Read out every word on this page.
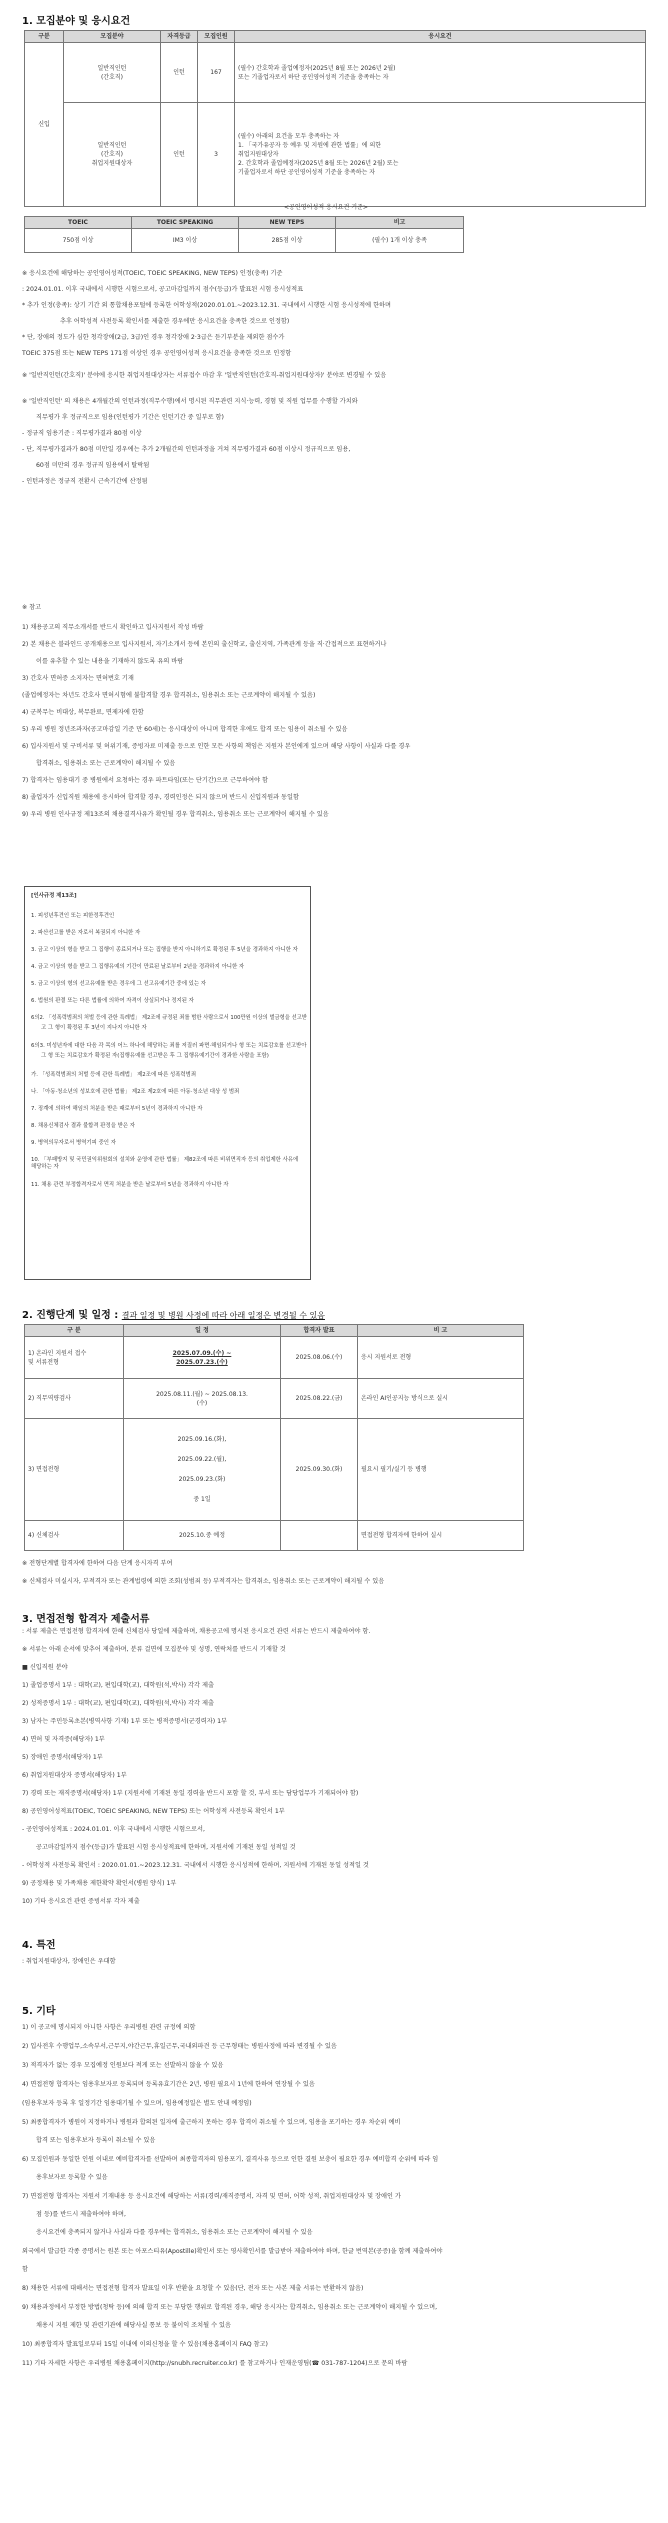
1. 모집분야 및 응시요건
구분	모집분야	자격등급	모집인원	응시요건
신입	일반직인턴
(간호직)	인턴	167	(필수) 간호학과 졸업예정자(2025년 8월 또는 2026년 2월)
또는 기졸업자로서 하단 공인영어성적 기준을 충족하는 자

	일반직인턴
(간호직)
취업지원대상자	인턴	3	(필수) 아래의 요건을 모두 충족하는 자
1. 「국가유공자 등 예우 및 지원에 관한 법률」에 의한
취업지원대상자
2. 간호학과 졸업예정자(2025년 8월 또는 2026년 2월) 또는
기졸업자로서 하단 공인영어성적 기준을 충족하는 자
<공인영어성적 응시요건 기준>
TOEIC	TOEIC SPEAKING	NEW TEPS	비고
750점 이상	IM3 이상	285점 이상	(필수) 1개 이상 충족
※ 응시요건에 해당하는 공인영어성적(TOEIC, TOEIC SPEAKING, NEW TEPS) 인정(충족) 기준
: 2024.01.01. 이후 국내에서 시행한 시험으로서, 공고마감일까지 점수(등급)가 발표된 시험 응시성적표
* 추가 인정(충족): 상기 기간 외 통합채용포털에 등록한 어학성적(2020.01.01.~2023.12.31. 국내에서 시행한 시험 응시성적에 한하며
추후 어학성적 사전등록 확인서를 제출한 경우에만 응시요건을 충족한 것으로 인정함)
* 단, 장애의 정도가 심한 청각장애(2급, 3급)인 경우 청각장애 2·3급은 듣기부분을 제외한 점수가
TOEIC 375점 또는 NEW TEPS 171점 이상인 경우 공인영어성적 응시요건을 충족한 것으로 인정함
※ '일반직인턴(간호직)' 분야에 응시한 취업지원대상자는 서류접수 마감 후 '일반직인턴(간호직-취업지원대상자)' 분야로 변경될 수 있음
※ '일반직인턴' 의 채용은 4개월간의 인턴과정(직무수행)에서 명시된 직무관련 지식·능력, 경험 및 직원 업무를 수행할 가치와
직무평가 후 정규직으로 임용(인턴평가 기간은 인턴기간 중 일부로 함)
- 정규직 임용기준 : 직무평가결과 80점 이상
- 단, 직무평가결과가 80점 미만일 경우에는 추가 2개월간의 인턴과정을 거쳐 직무평가결과 60점 이상시 정규직으로 임용,
60점 미만의 경우 정규직 임용에서 탈락됨
- 인턴과정은 정규직 전환시 근속기간에 산정됨
※ 참고
1) 채용공고의 직무소개서를 반드시 확인하고 입사지원서 작성 바람
2) 본 채용은 블라인드 공개채용으로 입사지원서, 자기소개서 등에 본인의 출신학교, 출신지역, 가족관계 등을 직·간접적으로 표현하거나
이를 유추할 수 있는 내용을 기재하지 않도록 유의 바람
3) 간호사 면허증 소지자는 면허번호 기재
(졸업예정자는 차년도 간호사 면허시험에 불합격할 경우 합격취소, 임용취소 또는 근로계약이 해지될 수 있음)
4) 군복무는 비대상, 복무완료, 면제자에 한함
5) 우리 병원 정년조과자(공고마감일 기준 만 60세)는 응시대상이 아니며 합격한 후에도 합격 또는 임용이 취소될 수 있음
6) 입사지원서 및 구비서류 및 허위기재, 증빙자료 미제출 등으로 인한 모든 사항의 책임은 지원자 본인에게 있으며 해당 사항이 사실과 다를 경우
합격취소, 임용취소 또는 근로계약이 해지될 수 있음
7) 합격자는 임용대기 중 병원에서 요청하는 경우 파트타임(또는 단기간)으로 근무하여야 함
8) 졸업자가 신입직원 채용에 응시하여 합격할 경우, 경력인정은 되지 않으며 반드시 신입직원과 동일함
9) 우리 병원 인사규정 제13조의 채용결격사유가 확인될 경우 합격취소, 임용취소 또는 근로계약이 해지될 수 있음
[인사규정 제13조]
1. 피성년후견인 또는 피한정후견인
2. 파산선고를 받은 자로서 복권되지 아니한 자
3. 금고 이상의 형을 받고 그 집행이 종료되거나 또는 집행을 받지 아니하기로 확정된 후 5년을 경과하지 아니한 자
4. 금고 이상의 형을 받고 그 집행유예의 기간이 만료된 날로부터 2년을 경과하지 아니한 자
5. 금고 이상의 형의 선고유예를 받은 경우에 그 선고유예기간 중에 있는 자
6. 법원의 판결 또는 다른 법률에 의하여 자격이 상실되거나 정지된 자
6의2. 「성폭력범죄의 처벌 등에 관한 특례법」 제2조에 규정된 죄를 범한 사람으로서 100만원 이상의 벌금형을 선고받
고 그 형이 확정된 후 3년이 지나지 아니한 자
6의3. 미성년자에 대한 다음 각 목의 어느 하나에 해당하는 죄를 저질러 파면·해임되거나 형 또는 치료감호를 선고받아
그 형 또는 치료감호가 확정된 자(집행유예를 선고받은 후 그 집행유예기간이 경과한 사람을 포함)
가. 「성폭력범죄의 처벌 등에 관한 특례법」 제2조에 따른 성폭력범죄
나. 「아동·청소년의 성보호에 관한 법률」 제2조 제2호에 따른 아동·청소년 대상 성 범죄
7. 징계에 의하여 해임의 처분을 받은 때로부터 5년이 경과하지 아니한 자
8. 채용신체검사 결과 불합격 판정을 받은 자
9. 병역의무자로서 병역기피 중인 자
10. 「부패방지 및 국민권익위원회의 설치와 운영에 관한 법률」 제82조에 따른 비위면직자 등의 취업제한 사유에 해당하는 자
11. 채용 관련 부정합격자로서 면직 처분을 받은 날로부터 5년을 경과하지 아니한 자
2. 진행단계 및 일정 : 결과 일정 및 병원 사정에 따라 아래 일정은 변경될 수 있음
구 분	일 정	합격자 발표	비 고

1) 온라인 지원서 접수
및 서류전형	2025.07.09.(수) ~
2025.07.23.(수)	2025.08.06.(수)	응시 지원서로 전형

2) 직무역량검사	2025.08.11.(월) ~ 2025.08.13.
(수)	2025.08.22.(금)	온라인 AI인공지능 방식으로 실시

3) 면접전형	2025.09.16.(화),
2025.09.22.(월),
2025.09.23.(화)
중 1일	2025.09.30.(화)	필요시 필기/실기 등 병행

4) 신체검사	2025.10.중 예정		면접전형 합격자에 한하여 실시
※ 전형단계별 합격자에 한하여 다음 단계 응시자격 부여
※ 신체검사 미실시자, 부적격자 또는 관계법령에 의한 조회(성범죄 등) 부적격자는 합격취소, 임용취소 또는 근로계약이 해지될 수 있음
3. 면접전형 합격자 제출서류
: 서류 제출은 면접전형 합격자에 한해 신체검사 당일에 제출하며, 채용공고에 명시된 응시요건 관련 서류는 반드시 제출하여야 함.
※ 서류는 아래 순서에 맞추어 제출하며, 분류 걸면에 모집분야 및 성명, 연락처를 반드시 기재할 것
■ 신입직원 분야
1) 졸업증명서 1부 : 대학(교), 편입대학(교), 대학원(석,박사) 각각 제출
2) 성적증명서 1부 : 대학(교), 편입대학(교), 대학원(석,박사) 각각 제출
3) 남자는 주민등록초본(병역사항 기재) 1부 또는 병적증명서(군경력자) 1부
4) 면허 및 자격증(해당자) 1부
5) 장애인 증명서(해당자) 1부
6) 취업지원대상자 증명서(해당자) 1부
7) 경력 또는 재직증명서(해당자) 1부 (지원서에 기재된 동일 경력을 반드시 포함 할 것, 부서 또는 담당업무가 기재되어야 함)
8) 공인영어성적표(TOEIC, TOEIC SPEAKING, NEW TEPS) 또는 어학성적 사전등록 확인서 1부
- 공인영어성적표 : 2024.01.01. 이후 국내에서 시행한 시험으로서,
공고마감일까지 점수(등급)가 발표된 시험 응시성적표에 한하며, 지원서에 기재된 동일 성적일 것
- 어학성적 사전등록 확인서 : 2020.01.01.~2023.12.31. 국내에서 시행한 응시성적에 한하며, 지원서에 기재된 동일 성적일 것
9) 공정채용 및 가족채용 제한확약 확인서(병원 양식) 1부
10) 기타 응시요건 관련 증빙서류 각자 제출
4. 특전
: 취업지원대상자, 장애인은 우대함
5. 기타
1) 이 공고에 명시되지 아니한 사항은 우리병원 관련 규정에 의함
2) 입사전후 수행업무,소속부서,근무지,야간근무,휴일근무,국내외파견 등 근무형태는 병원사정에 따라 변경될 수 있음
3) 적격자가 없는 경우 모집예정 인원보다 적게 또는 선발하지 않을 수 있음
4) 면접전형 합격자는 임용후보자로 등록되며 등록유효기간은 2년, 병원 필요시 1년에 한하여 연장될 수 있음
(임용후보자 등록 후 일정기간 임용대기될 수 있으며, 임용예정일은 별도 안내 예정임)
5) 최종합격자가 병원이 지정하거나 병원과 합의된 일자에 출근하지 못하는 경우 합격이 취소될 수 있으며, 임용을 포기하는 경우 차순위 예비
합격 또는 임용후보자 등록이 취소될 수 있음
6) 모집인원과 동일한 인원 이내로 예비합격자를 선발하며 최종합격자의 임용포기, 결격사유 등으로 인한 결원 보충이 필요한 경우 예비합격 순위에 따라 임
용후보자로 등록할 수 있음
7) 면접전형 합격자는 지원서 기재내용 등 응시요건에 해당하는 서류(경력/재직증명서, 자격 및 면허, 어학 성적, 취업지원대상자 및 장애인 가
점 등)를 반드시 제출하여야 하며,
응시요건에 충족되지 않거나 사실과 다를 경우에는 합격취소, 임용취소 또는 근로계약이 해지될 수 있음
외국에서 발급한 각종 증명서는 원본 또는 아포스티유(Apostille)확인서 또는 영사확인서를 발급받아 제출하여야 하며, 한글 번역본(공증)을 함께 제출하여야
함
8) 채용한 서류에 대해서는 면접전형 합격자 발표일 이후 반환을 요청할 수 있음(단, 전자 또는 사본 제출 서류는 반환하지 않음)
9) 채용과정에서 부정한 방법(청탁 등)에 의해 합격 또는 부당한 행위로 합격된 경우, 해당 응시자는 합격취소, 임용취소 또는 근로계약이 해지될 수 있으며,
채용시 지원 제한 및 관련기관에 해당사실 통보 등 불이익 조치될 수 있음
10) 최종합격자 발표일로부터 15일 이내에 이의신청을 할 수 있음(채용홈페이지 FAQ 참고)
11) 기타 자세한 사항은 우리병원 채용홈페이지(http://snubh.recruiter.co.kr) 를 참고하거나 인재운영팀(☎ 031-787-1204)으로 문의 바람
